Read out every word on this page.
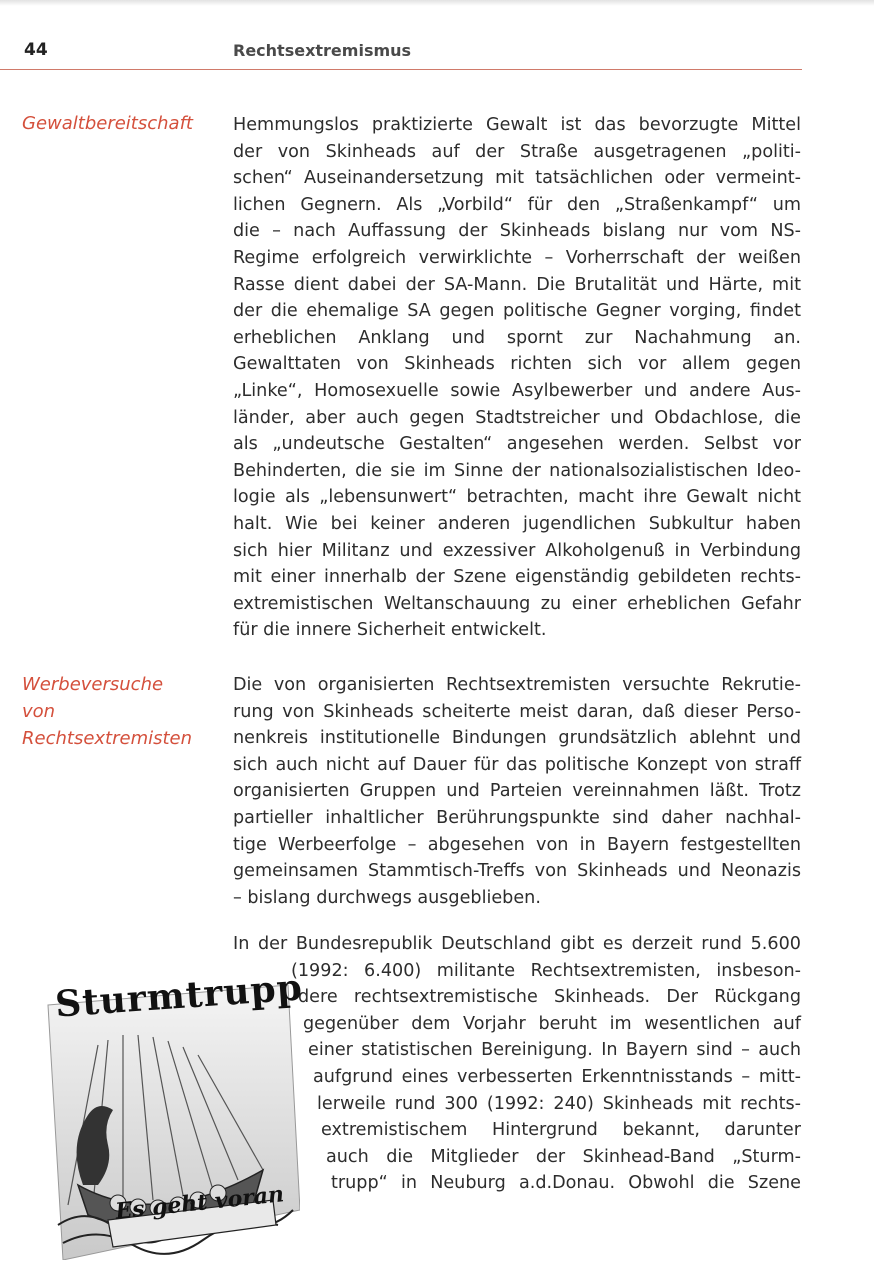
44	Rechtsextremismus
Gewaltbereitschaft Hemmungslos praktizierte Gewalt ist das bevorzugte Mittel
der von Skinheads auf der Straße ausgetragenen „politi-
schen“ Auseinandersetzung mit tatsächlichen oder vermeint-
lichen Gegnern. Als „Vorbild“ für den „Straßenkampf“ um
die – nach Auffassung der Skinheads bislang nur vom NS-
Regime erfolgreich verwirklichte – Vorherrschaft der weißen
Rasse dient dabei der SA-Mann. Die Brutalität und Härte, mit
der die ehemalige SA gegen politische Gegner vorging, findet
erheblichen Anklang und spornt zur Nachahmung an.
Gewalttaten von Skinheads richten sich vor allem gegen
„Linke“, Homosexuelle sowie Asylbewerber und andere Aus-
länder, aber auch gegen Stadtstreicher und Obdachlose, die
als „undeutsche Gestalten“ angesehen werden. Selbst vor
Behinderten, die sie im Sinne der nationalsozialistischen Ideo-
logie als „lebensunwert“ betrachten, macht ihre Gewalt nicht
halt. Wie bei keiner anderen jugendlichen Subkultur haben
sich hier Militanz und exzessiver Alkoholgenuß in Verbindung
mit einer innerhalb der Szene eigenständig gebildeten rechts-
extremistischen Weltanschauung zu einer erheblichen Gefahr
für die innere Sicherheit entwickelt.
Werbeversuche
von
Rechtsextremisten
Die von organisierten Rechtsextremisten versuchte Rekrutie-
rung von Skinheads scheiterte meist daran, daß dieser Perso-
nenkreis institutionelle Bindungen grundsätzlich ablehnt und
sich auch nicht auf Dauer für das politische Konzept von straff
organisierten Gruppen und Parteien vereinnahmen läßt. Trotz
partieller inhaltlicher Berührungspunkte sind daher nachhal-
tige Werbeerfolge – abgesehen von in Bayern festgestellten
gemeinsamen Stammtisch-Treffs von Skinheads und Neonazis
– bislang durchwegs ausgeblieben.
In der Bundesrepublik Deutschland gibt es derzeit rund 5.600
(1992: 6.400) militante Rechtsextremisten, insbeson-
dere rechtsextremistische Skinheads. Der Rückgang
gegenüber dem Vorjahr beruht im wesentlichen auf
einer statistischen Bereinigung. In Bayern sind – auch
aufgrund eines verbesserten Erkenntnisstands – mitt-
lerweile rund 300 (1992: 240) Skinheads mit rechts-
extremistischem Hintergrund bekannt, darunter
auch die Mitglieder der Skinhead-Band „Sturm-
trupp“ in Neuburg a.d.Donau. Obwohl die Szene
Sturmtrupp
Es geht voran
